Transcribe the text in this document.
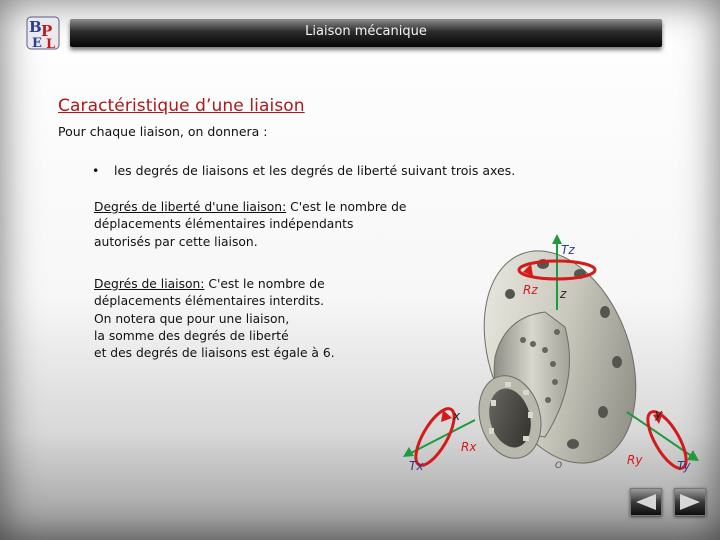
B P
E L
Liaison mécanique
Caractéristique d’une liaison
Pour chaque liaison, on donnera :
• les degrés de liaisons et les degrés de liberté suivant trois axes.
Degrés de liberté d'une liaison: C'est le nombre de
déplacements élémentaires indépendants
autorisés par cette liaison.
Degrés de liaison: C'est le nombre de
déplacements élémentaires interdits.
On notera que pour une liaison,
la somme des degrés de liberté
et des degrés de liaisons est égale à 6.
Tz
Rz z
x
Rx
Tx
y
Ry	Ty
O
